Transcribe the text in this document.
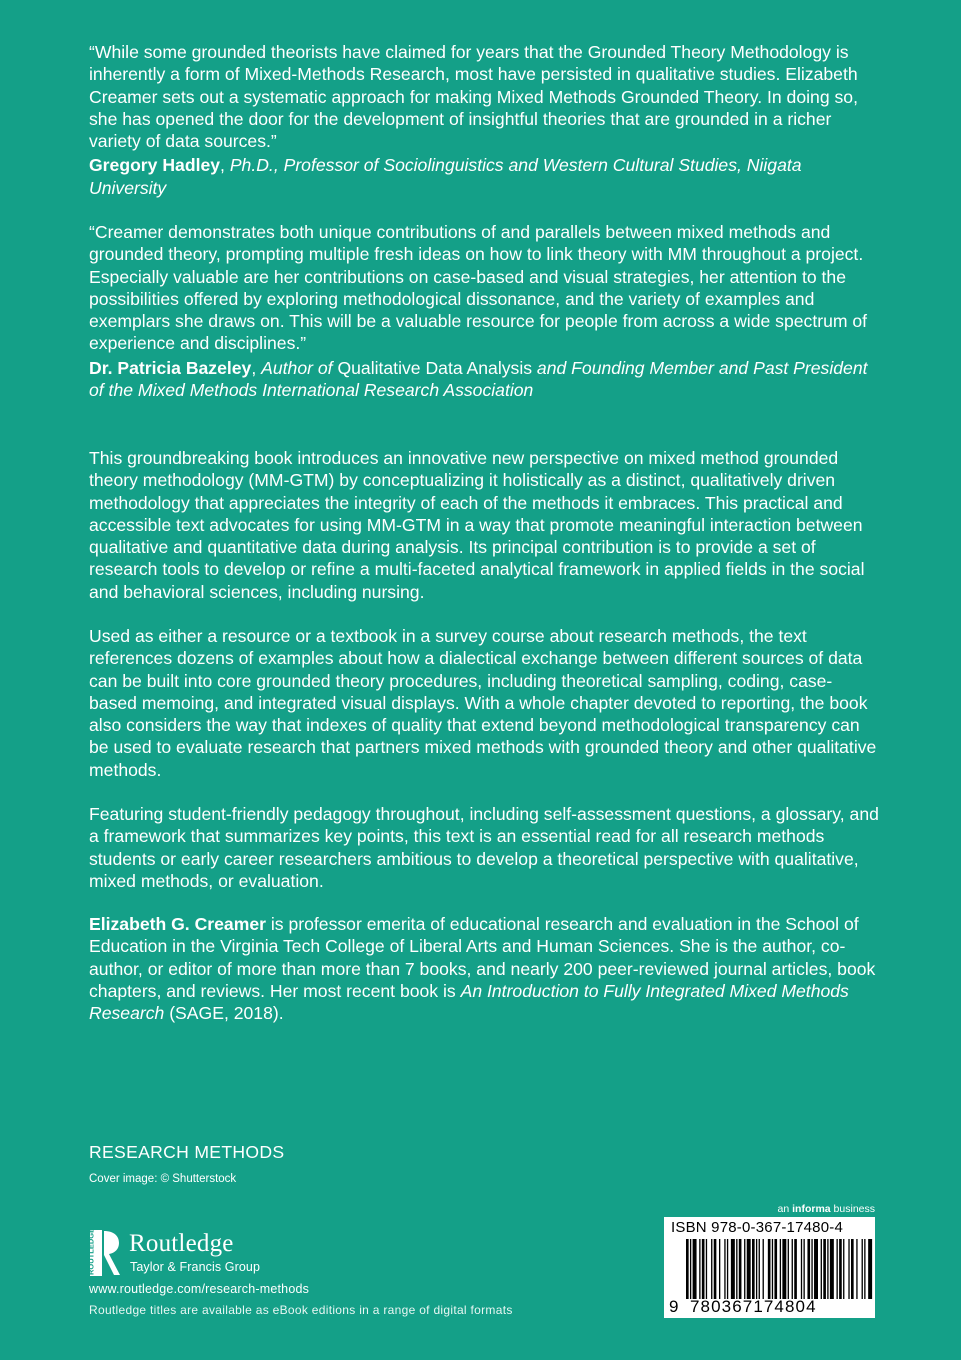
“While some grounded theorists have claimed for years that the Grounded Theory Methodology is inherently a form of Mixed-Methods Research, most have persisted in qualitative studies. Elizabeth Creamer sets out a systematic approach for making Mixed Methods Grounded Theory. In doing so, she has opened the door for the development of insightful theories that are grounded in a richer variety of data sources.”

Gregory Hadley, Ph.D., Professor of Sociolinguistics and Western Cultural Studies, Niigata University

“Creamer demonstrates both unique contributions of and parallels between mixed methods and grounded theory, prompting multiple fresh ideas on how to link theory with MM throughout a project. Especially valuable are her contributions on case-based and visual strategies, her attention to the possibilities offered by exploring methodological dissonance, and the variety of examples and exemplars she draws on. This will be a valuable resource for people from across a wide spectrum of experience and disciplines.”

Dr. Patricia Bazeley, Author of Qualitative Data Analysis and Founding Member and Past President of the Mixed Methods International Research Association

This groundbreaking book introduces an innovative new perspective on mixed method grounded theory methodology (MM-GTM) by conceptualizing it holistically as a distinct, qualitatively driven methodology that appreciates the integrity of each of the methods it embraces. This practical and accessible text advocates for using MM-GTM in a way that promote meaningful interaction between qualitative and quantitative data during analysis. Its principal contribution is to provide a set of research tools to develop or refine a multi-faceted analytical framework in applied fields in the social and behavioral sciences, including nursing.

Used as either a resource or a textbook in a survey course about research methods, the text references dozens of examples about how a dialectical exchange between different sources of data can be built into core grounded theory procedures, including theoretical sampling, coding, case-based memoing, and integrated visual displays. With a whole chapter devoted to reporting, the book also considers the way that indexes of quality that extend beyond methodological transparency can be used to evaluate research that partners mixed methods with grounded theory and other qualitative methods.

Featuring student-friendly pedagogy throughout, including self-assessment questions, a glossary, and a framework that summarizes key points, this text is an essential read for all research methods students or early career researchers ambitious to develop a theoretical perspective with qualitative, mixed methods, or evaluation.

Elizabeth G. Creamer is professor emerita of educational research and evaluation in the School of Education in the Virginia Tech College of Liberal Arts and Human Sciences. She is the author, co-author, or editor of more than more than 7 books, and nearly 200 peer-reviewed journal articles, book chapters, and reviews. Her most recent book is An Introduction to Fully Integrated Mixed Methods Research (SAGE, 2018).

RESEARCH METHODS
Cover image: © Shutterstock
ROUTLEDGE Routledge
Taylor & Francis Group
www.routledge.com/research-methods
Routledge titles are available as eBook editions in a range of digital formats
an informa business
ISBN 978-0-367-17480-4
9 780367174804
